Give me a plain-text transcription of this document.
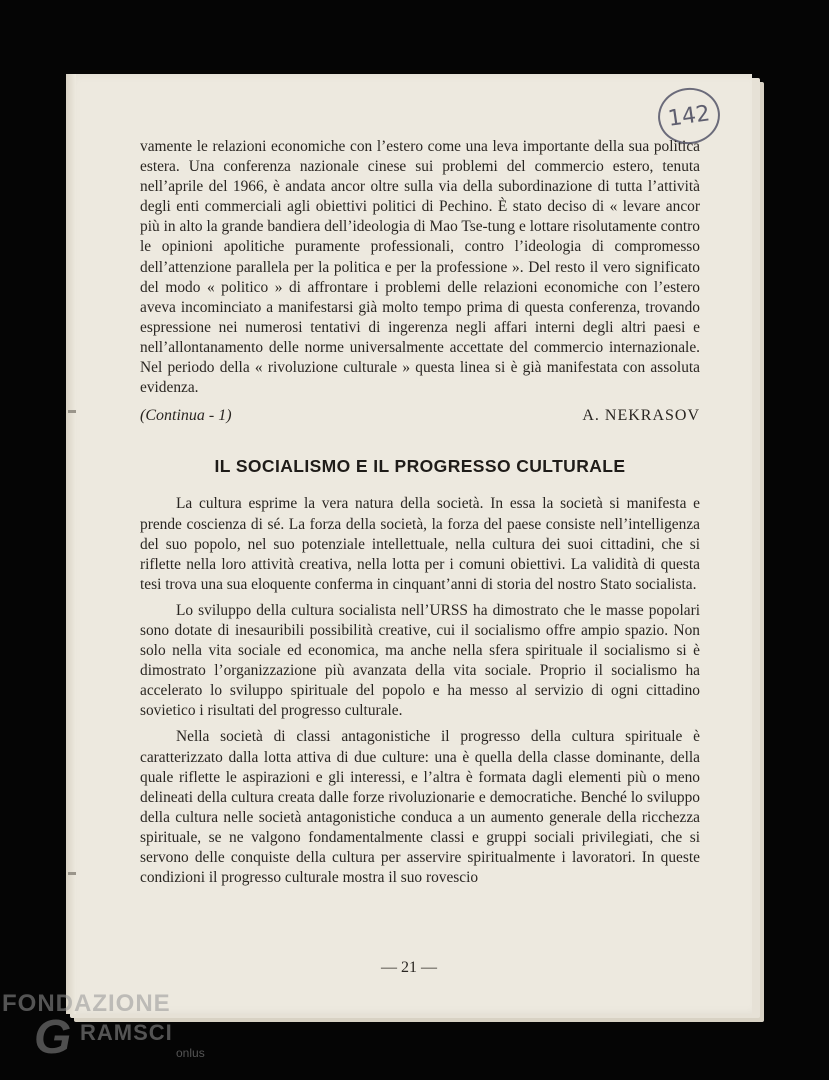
142

vamente le relazioni economiche con l’estero come una leva importante della sua politica estera. Una conferenza nazionale cinese sui problemi del commercio estero, tenuta nell’aprile del 1966, è andata ancor oltre sulla via della subordinazione di tutta l’attività degli enti commerciali agli obiettivi politici di Pechino. È stato deciso di « levare ancor più in alto la grande bandiera dell’ideologia di Mao Tse-tung e lottare risolutamente contro le opinioni apolitiche puramente professionali, contro l’ideologia di compromesso dell’attenzione parallela per la politica e per la professione ». Del resto il vero significato del modo « politico » di affrontare i problemi delle relazioni economiche con l’estero aveva incominciato a manifestarsi già molto tempo prima di questa conferenza, trovando espressione nei numerosi tentativi di ingerenza negli affari interni degli altri paesi e nell’allontanamento delle norme universalmente accettate del commercio internazionale. Nel periodo della « rivoluzione culturale » questa linea si è già manifestata con assoluta evidenza.

(Continua - 1)	A. NEKRASOV
IL SOCIALISMO E IL PROGRESSO CULTURALE

La cultura esprime la vera natura della società. In essa la società si manifesta e prende coscienza di sé. La forza della società, la forza del paese consiste nell’intelligenza del suo popolo, nel suo potenziale intellettuale, nella cultura dei suoi cittadini, che si riflette nella loro attività creativa, nella lotta per i comuni obiettivi. La validità di questa tesi trova una sua eloquente conferma in cinquant’anni di storia del nostro Stato socialista.

Lo sviluppo della cultura socialista nell’URSS ha dimostrato che le masse popolari sono dotate di inesauribili possibilità creative, cui il socialismo offre ampio spazio. Non solo nella vita sociale ed economica, ma anche nella sfera spirituale il socialismo si è dimostrato l’organizzazione più avanzata della vita sociale. Proprio il socialismo ha accelerato lo sviluppo spirituale del popolo e ha messo al servizio di ogni cittadino sovietico i risultati del progresso culturale.

Nella società di classi antagonistiche il progresso della cultura spirituale è caratterizzato dalla lotta attiva di due culture: una è quella della classe dominante, della quale riflette le aspirazioni e gli interessi, e l’altra è formata dagli elementi più o meno delineati della cultura creata dalle forze rivoluzionarie e democratiche. Benché lo sviluppo della cultura nelle società antagonistiche conduca a un aumento generale della ricchezza spirituale, se ne valgono fondamentalmente classi e gruppi sociali privilegiati, che si servono delle conquiste della cultura per asservire spiritualmente i lavoratori. In queste condizioni il progresso culturale mostra il suo rovescio

— 21 —
FONDAZIONE
G RAMSCI
onlus
